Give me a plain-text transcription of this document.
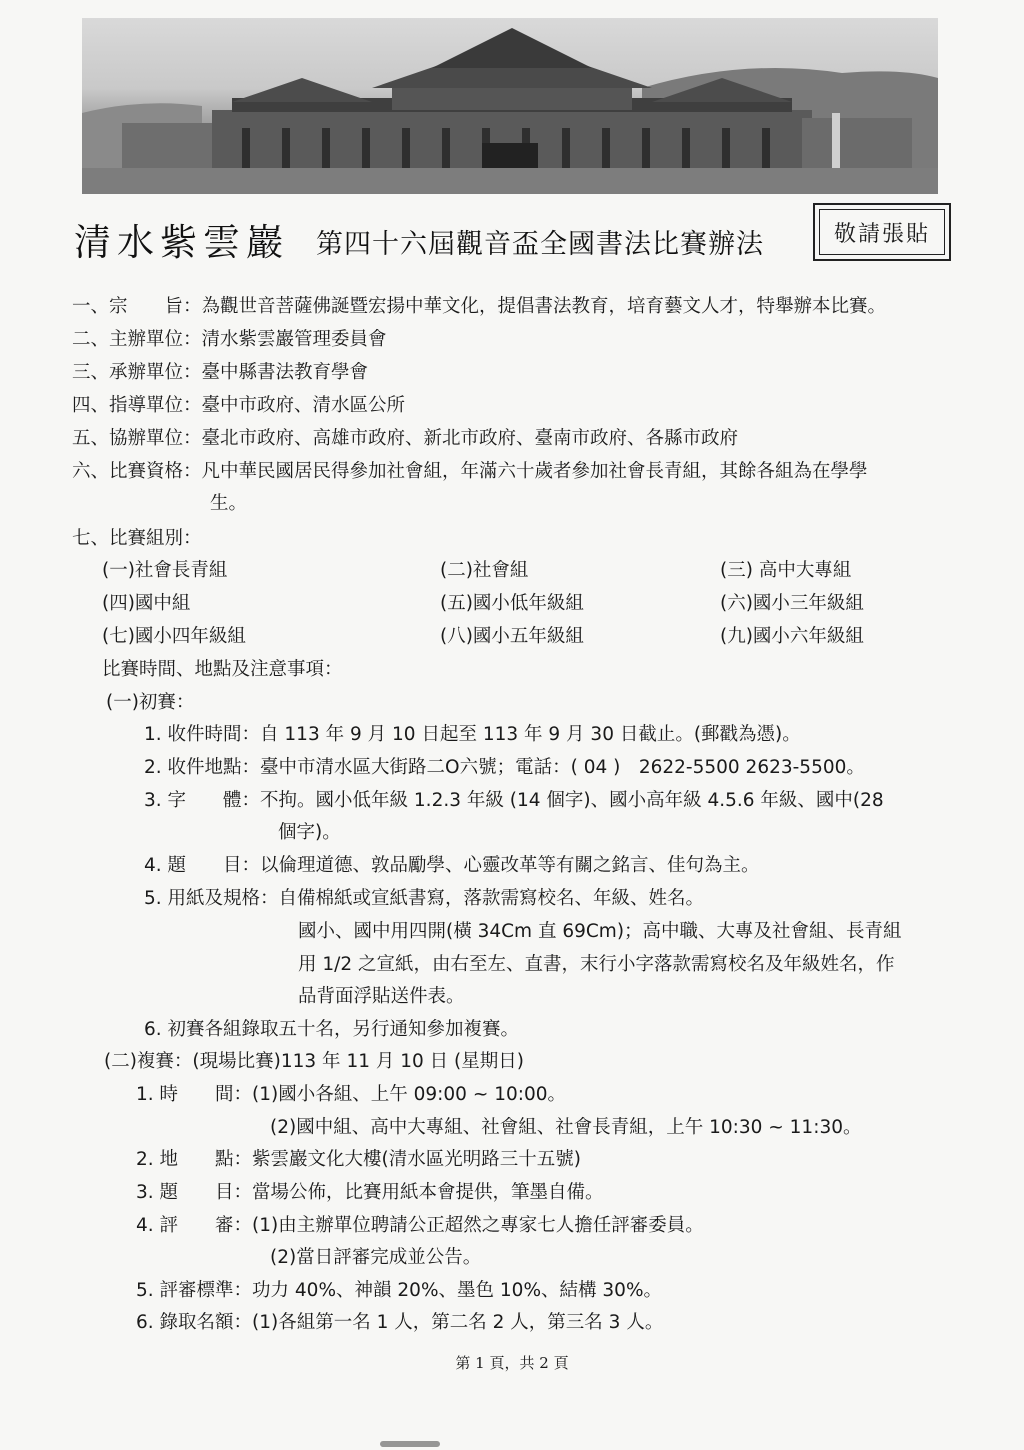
清水紫雲巖 第四十六屆觀音盃全國書法比賽辦法	敬請張貼
一、宗　　旨：為觀世音菩薩佛誕暨宏揚中華文化，提倡書法教育，培育藝文人才，特舉辦本比賽。
二、主辦單位：清水紫雲巖管理委員會
三、承辦單位：臺中縣書法教育學會
四、指導單位：臺中市政府、清水區公所
五、協辦單位：臺北市政府、高雄市政府、新北市政府、臺南市政府、各縣市政府
六、比賽資格：凡中華民國居民得參加社會組，年滿六十歲者參加社會長青組，其餘各組為在學學
生。
七、比賽組別：
(一)社會長青組	(二)社會組	(三) 高中大專組
(四)國中組	(五)國小低年級組	(六)國小三年級組
(七)國小四年級組	(八)國小五年級組	(九)國小六年級組
比賽時間、地點及注意事項：
(一)初賽：
1. 收件時間：自 113 年 9 月 10 日起至 113 年 9 月 30 日截止。(郵戳為憑)。
2. 收件地點：臺中市清水區大街路二O六號；電話：( 04 )　2622-5500 2623-5500。
3. 字　　體：不拘。國小低年級 1.2.3 年級 (14 個字)、國小高年級 4.5.6 年級、國中(28
個字)。
4. 題　　目：以倫理道德、敦品勵學、心靈改革等有關之銘言、佳句為主。
5. 用紙及規格：自備棉紙或宣紙書寫，落款需寫校名、年級、姓名。
國小、國中用四開(橫 34Cm 直 69Cm)；高中職、大專及社會組、長青組
用 1/2 之宣紙，由右至左、直書，末行小字落款需寫校名及年級姓名，作
品背面浮貼送件表。
6. 初賽各組錄取五十名，另行通知參加複賽。
(二)複賽：(現場比賽)113 年 11 月 10 日 (星期日)
1. 時　　間：(1)國小各組、上午 09:00 ~ 10:00。
(2)國中組、高中大專組、社會組、社會長青組，上午 10:30 ~ 11:30。
2. 地　　點：紫雲巖文化大樓(清水區光明路三十五號)
3. 題　　目：當場公佈，比賽用紙本會提供，筆墨自備。
4. 評　　審：(1)由主辦單位聘請公正超然之專家七人擔任評審委員。
(2)當日評審完成並公告。
5. 評審標準：功力 40%、神韻 20%、墨色 10%、結構 30%。
6. 錄取名額：(1)各組第一名 1 人，第二名 2 人，第三名 3 人。
第 1 頁，共 2 頁
